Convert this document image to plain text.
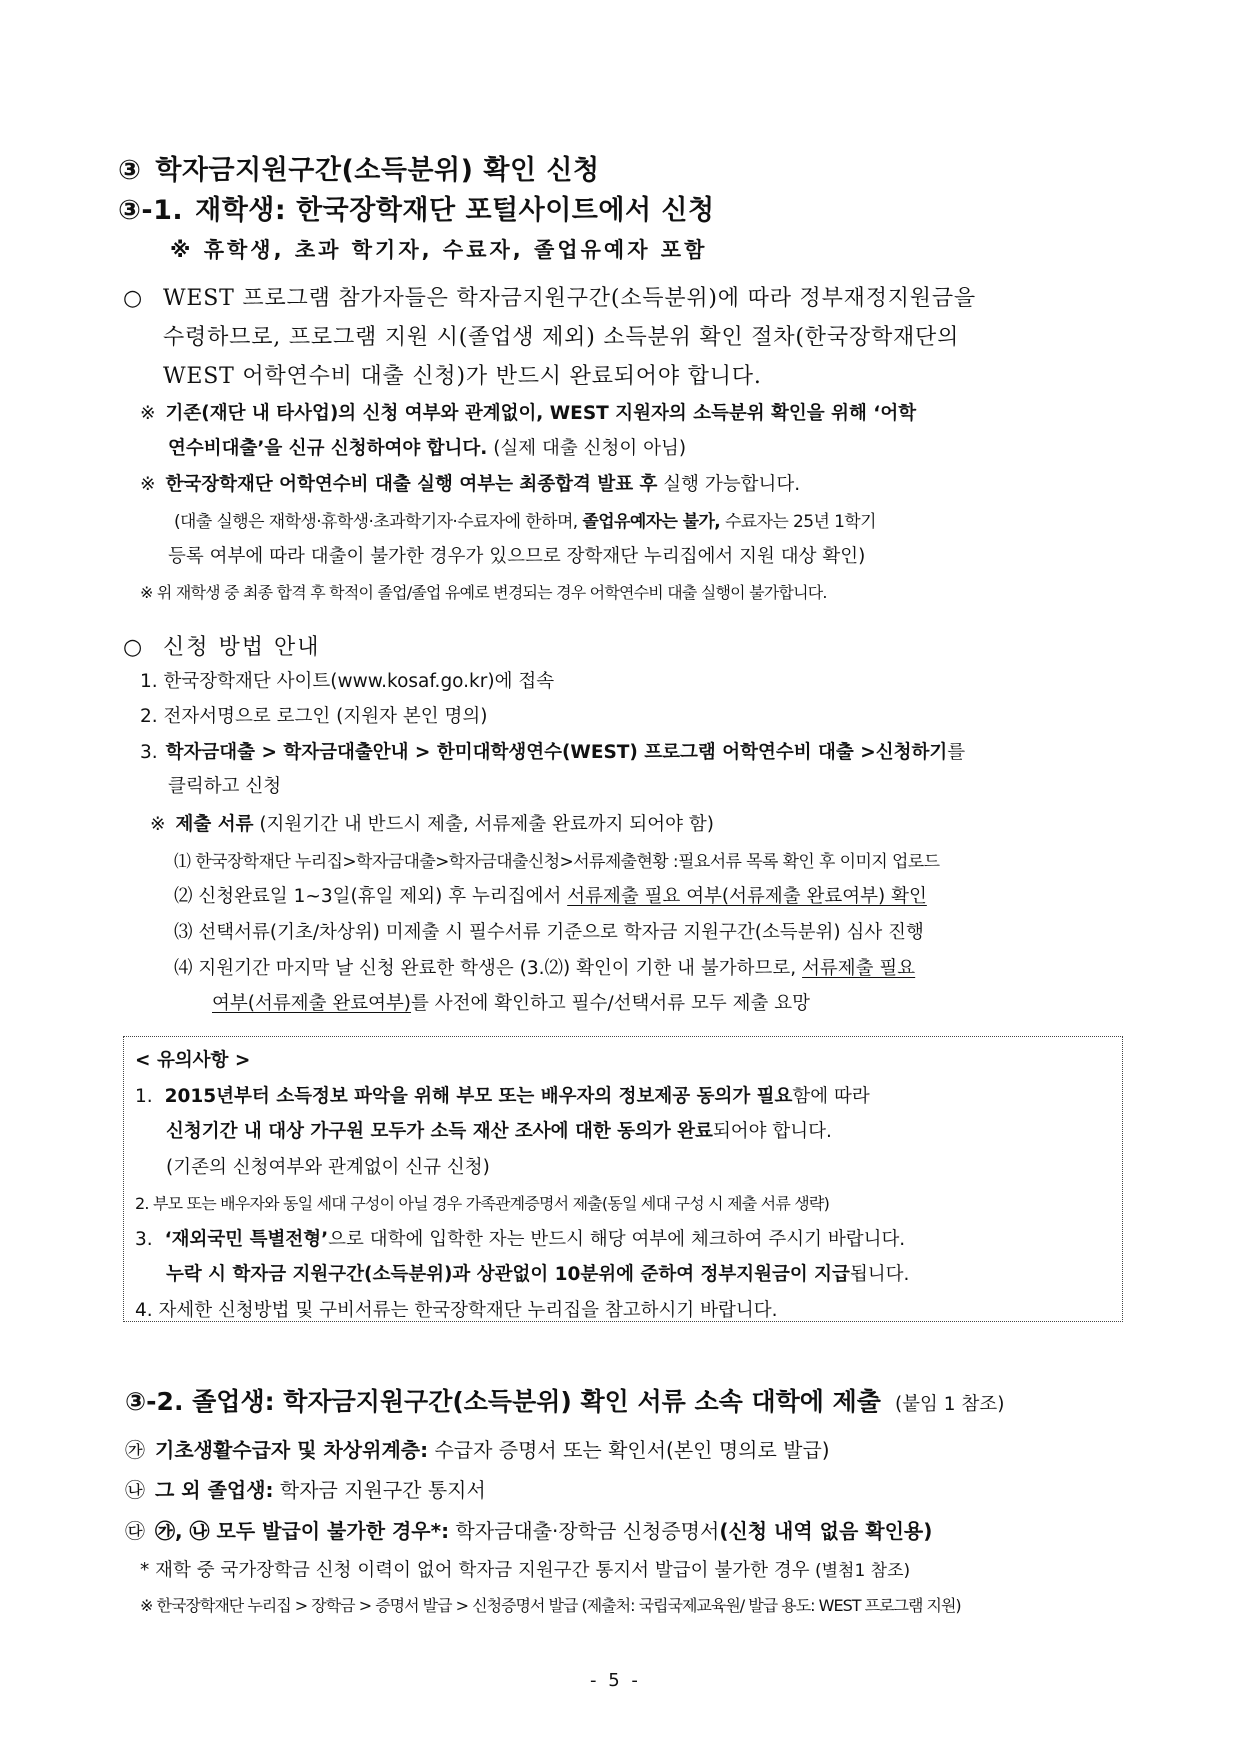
③ 학자금지원구간(소득분위) 확인 신청
③-1. 재학생: 한국장학재단 포털사이트에서 신청
※ 휴학생, 초과 학기자, 수료자, 졸업유예자 포함
○ WEST 프로그램 참가자들은 학자금지원구간(소득분위)에 따라 정부재정지원금을
수령하므로, 프로그램 지원 시(졸업생 제외) 소득분위 확인 절차(한국장학재단의
WEST 어학연수비 대출 신청)가 반드시 완료되어야 합니다.
※ 기존(재단 내 타사업)의 신청 여부와 관계없이, WEST 지원자의 소득분위 확인을 위해 ‘어학
연수비대출’을 신규 신청하여야 합니다. (실제 대출 신청이 아님)
※ 한국장학재단 어학연수비 대출 실행 여부는 최종합격 발표 후 실행 가능합니다.
(대출 실행은 재학생·휴학생·초과학기자·수료자에 한하며, 졸업유예자는 불가, 수료자는 25년 1학기
등록 여부에 따라 대출이 불가한 경우가 있으므로 장학재단 누리집에서 지원 대상 확인)
※ 위 재학생 중 최종 합격 후 학적이 졸업/졸업 유예로 변경되는 경우 어학연수비 대출 실행이 불가합니다.
○ 신청 방법 안내
1. 한국장학재단 사이트(www.kosaf.go.kr)에 접속
2. 전자서명으로 로그인 (지원자 본인 명의)
3. 학자금대출 > 학자금대출안내 > 한미대학생연수(WEST) 프로그램 어학연수비 대출 >신청하기를
클릭하고 신청
※ 제출 서류 (지원기간 내 반드시 제출, 서류제출 완료까지 되어야 함)
⑴ 한국장학재단 누리집>학자금대출>학자금대출신청>서류제출현황 :필요서류 목록 확인 후 이미지 업로드
⑵ 신청완료일 1~3일(휴일 제외) 후 누리집에서 서류제출 필요 여부(서류제출 완료여부) 확인
⑶ 선택서류(기초/차상위) 미제출 시 필수서류 기준으로 학자금 지원구간(소득분위) 심사 진행
⑷ 지원기간 마지막 날 신청 완료한 학생은 (3.⑵) 확인이 기한 내 불가하므로, 서류제출 필요
여부(서류제출 완료여부)를 사전에 확인하고 필수/선택서류 모두 제출 요망
< 유의사항 >
1. 2015년부터 소득정보 파악을 위해 부모 또는 배우자의 정보제공 동의가 필요함에 따라
신청기간 내 대상 가구원 모두가 소득 재산 조사에 대한 동의가 완료되어야 합니다.
(기존의 신청여부와 관계없이 신규 신청)
2. 부모 또는 배우자와 동일 세대 구성이 아닐 경우 가족관계증명서 제출(동일 세대 구성 시 제출 서류 생략)
3. ‘재외국민 특별전형’으로 대학에 입학한 자는 반드시 해당 여부에 체크하여 주시기 바랍니다.
누락 시 학자금 지원구간(소득분위)과 상관없이 10분위에 준하여 정부지원금이 지급됩니다.
4. 자세한 신청방법 및 구비서류는 한국장학재단 누리집을 참고하시기 바랍니다.
③-2. 졸업생: 학자금지원구간(소득분위) 확인 서류 소속 대학에 제출 (붙임 1 참조)
㉮ 기초생활수급자 및 차상위계층: 수급자 증명서 또는 확인서(본인 명의로 발급)
㉯ 그 외 졸업생: 학자금 지원구간 통지서
㉰ ㉮, ㉯ 모두 발급이 불가한 경우*: 학자금대출·장학금 신청증명서(신청 내역 없음 확인용)
* 재학 중 국가장학금 신청 이력이 없어 학자금 지원구간 통지서 발급이 불가한 경우 (별첨1 참조)
※ 한국장학재단 누리집 > 장학금 > 증명서 발급 > 신청증명서 발급 (제출처: 국립국제교육원/ 발급 용도: WEST 프로그램 지원)
- 5 -
